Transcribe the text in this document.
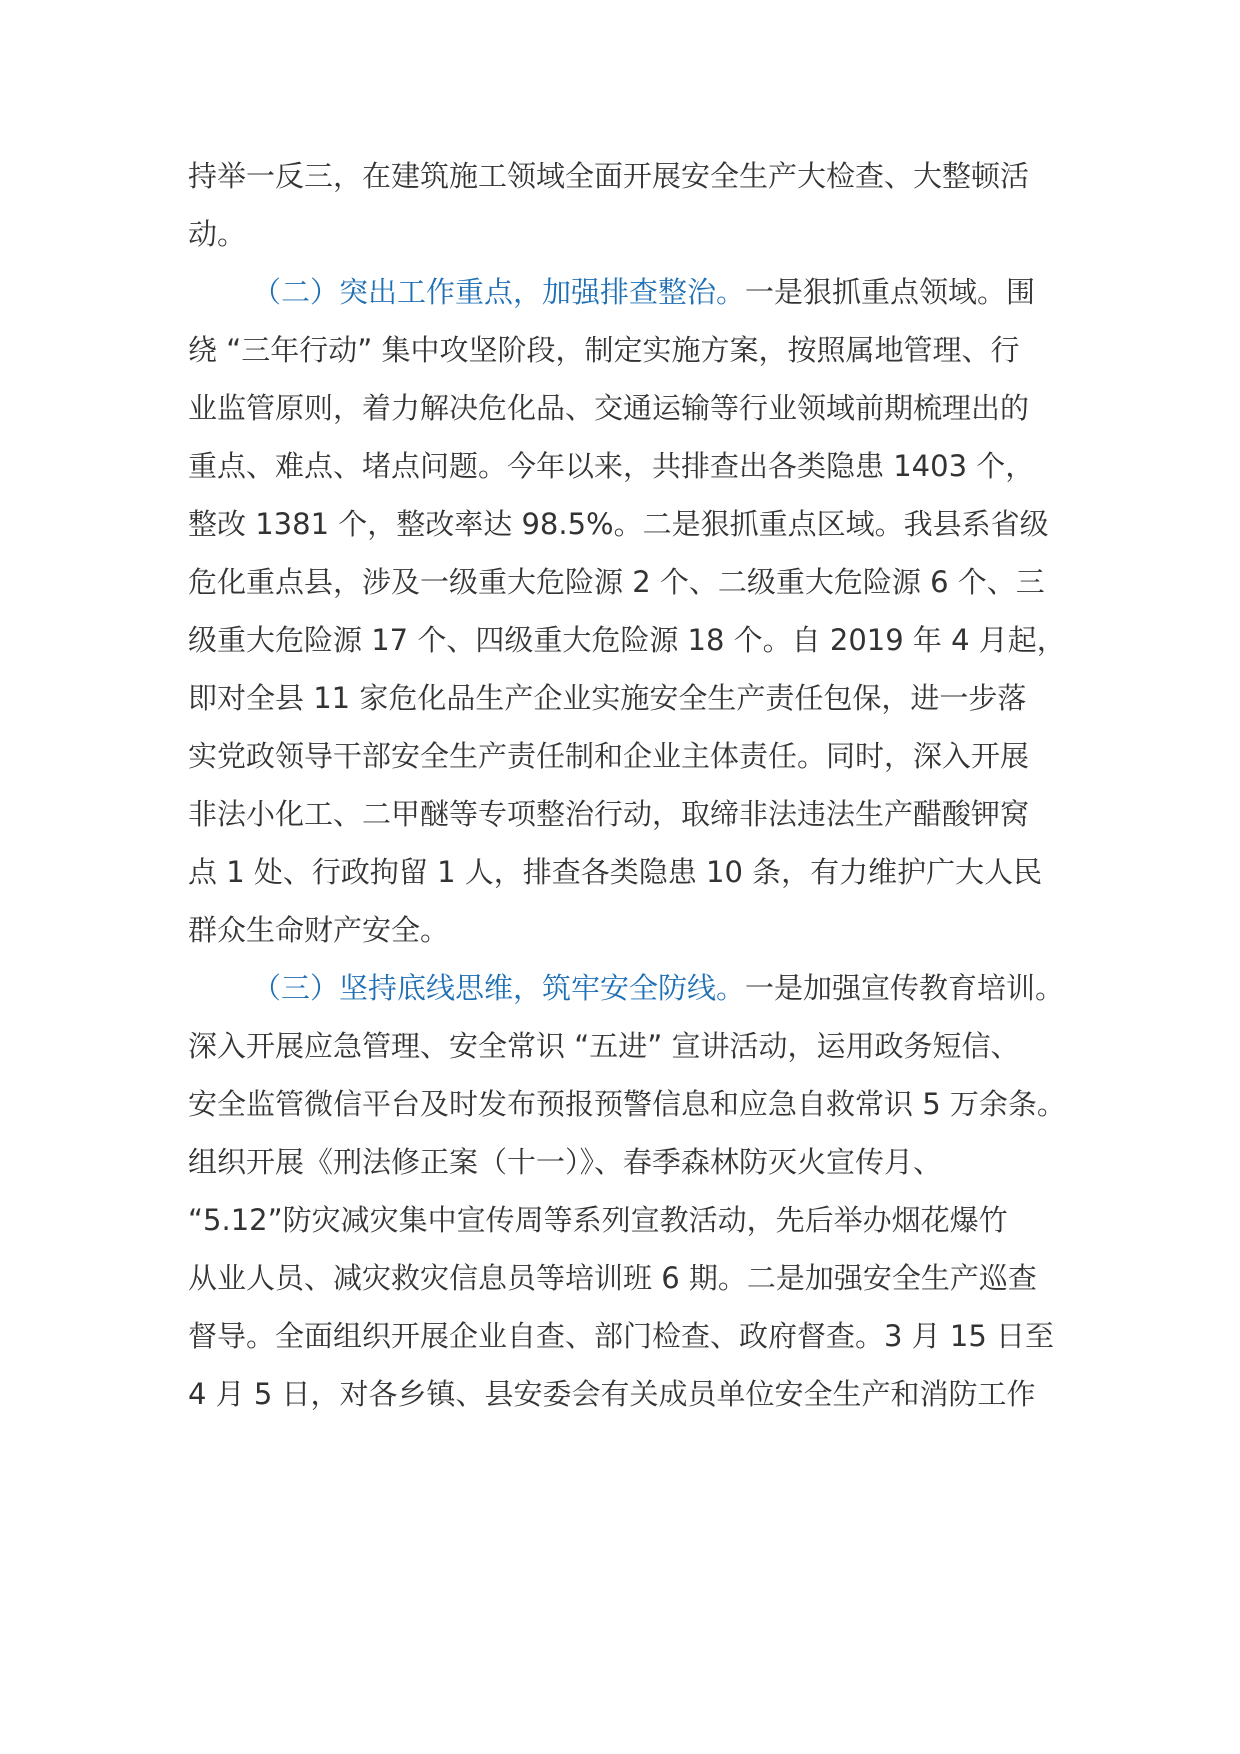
持举一反三，在建筑施工领域全面开展安全生产大检查、大整顿活
动。
（二）突出工作重点，加强排查整治。一是狠抓重点领域。围
绕 “三年行动” 集中攻坚阶段，制定实施方案，按照属地管理、行
业监管原则，着力解决危化品、交通运输等行业领域前期梳理出的
重点、难点、堵点问题。今年以来，共排查出各类隐患 1403 个，
整改 1381 个，整改率达 98.5%。二是狠抓重点区域。我县系省级
危化重点县，涉及一级重大危险源 2 个、二级重大危险源 6 个、三
级重大危险源 17 个、四级重大危险源 18 个。自 2019 年 4 月起，
即对全县 11 家危化品生产企业实施安全生产责任包保，进一步落
实党政领导干部安全生产责任制和企业主体责任。同时，深入开展
非法小化工、二甲醚等专项整治行动，取缔非法违法生产醋酸钾窝
点 1 处、行政拘留 1 人，排查各类隐患 10 条，有力维护广大人民
群众生命财产安全。
（三）坚持底线思维，筑牢安全防线。一是加强宣传教育培训。
深入开展应急管理、安全常识 “五进” 宣讲活动，运用政务短信、
安全监管微信平台及时发布预报预警信息和应急自救常识 5 万余条。
组织开展《刑法修正案（十一）》、春季森林防灭火宣传月、
“5.12”防灾减灾集中宣传周等系列宣教活动，先后举办烟花爆竹
从业人员、减灾救灾信息员等培训班 6 期。二是加强安全生产巡查
督导。全面组织开展企业自查、部门检查、政府督查。3 月 15 日至
4 月 5 日，对各乡镇、县安委会有关成员单位安全生产和消防工作
